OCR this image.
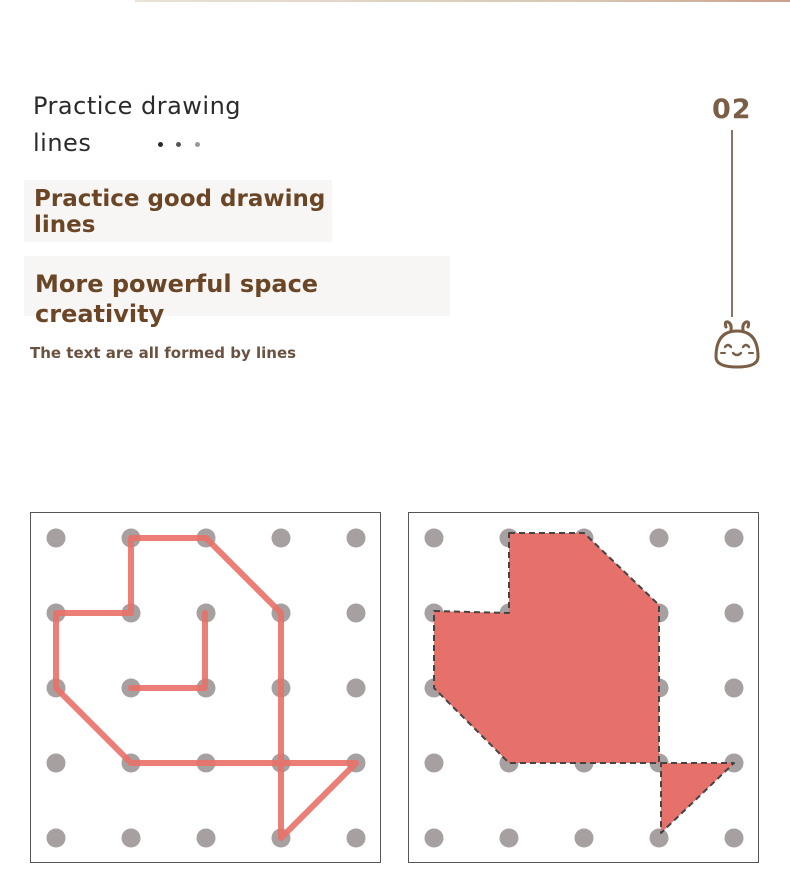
Practice drawing
lines
Practice good drawing lines
More powerful space creativity
The text are all formed by lines
02
